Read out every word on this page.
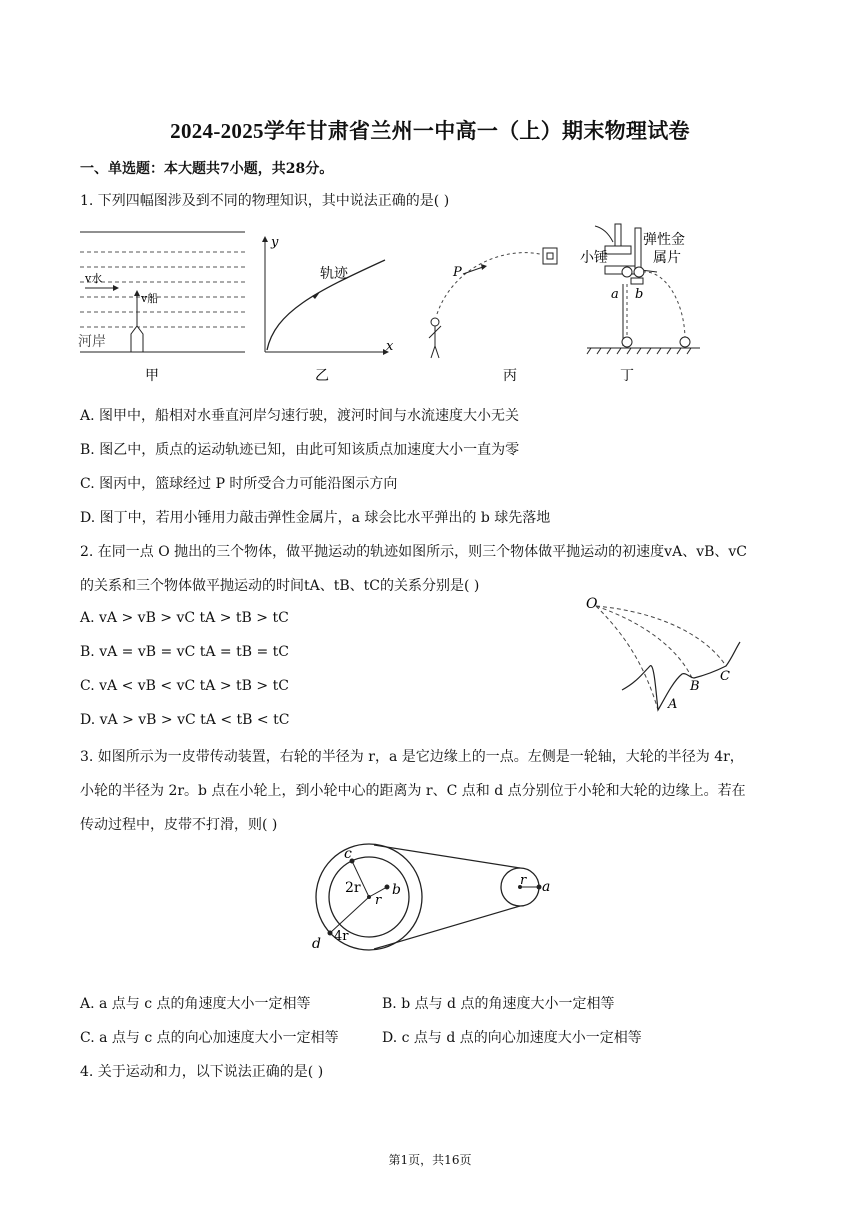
2024-2025学年甘肃省兰州一中高一（上）期末物理试卷
一、单选题：本大题共7小题，共28分。
1. 下列四幅图涉及到不同的物理知识，其中说法正确的是( )
v水
v船
河岸
甲
y
x
轨迹
乙
P
丙
小锤
弹性金
属片
a b
丁
A. 图甲中，船相对水垂直河岸匀速行驶，渡河时间与水流速度大小无关
B. 图乙中，质点的运动轨迹已知，由此可知该质点加速度大小一直为零
C. 图丙中，篮球经过 P 时所受合力可能沿图示方向
D. 图丁中，若用小锤用力敲击弹性金属片，a 球会比水平弹出的 b 球先落地
2. 在同一点 O 抛出的三个物体，做平抛运动的轨迹如图所示，则三个物体做平抛运动的初速度vA、vB、vC
的关系和三个物体做平抛运动的时间tA、tB、tC的关系分别是( )
A. vA > vB > vC tA > tB > tC
B. vA = vB = vC tA = tB = tC
C. vA < vB < vC tA > tB > tC
D. vA > vB > vC tA < tB < tC
O
A
B
C
3. 如图所示为一皮带传动装置，右轮的半径为 r，a 是它边缘上的一点。左侧是一轮轴，大轮的半径为 4r，
小轮的半径为 2r。b 点在小轮上，到小轮中心的距离为 r、C 点和 d 点分别位于小轮和大轮的边缘上。若在
传动过程中，皮带不打滑，则( )
c
2r b
r
d 4r
r a
A. a 点与 c 点的角速度大小一定相等	B. b 点与 d 点的角速度大小一定相等
C. a 点与 c 点的向心加速度大小一定相等	D. c 点与 d 点的向心加速度大小一定相等
4. 关于运动和力，以下说法正确的是( )
第1页，共16页
